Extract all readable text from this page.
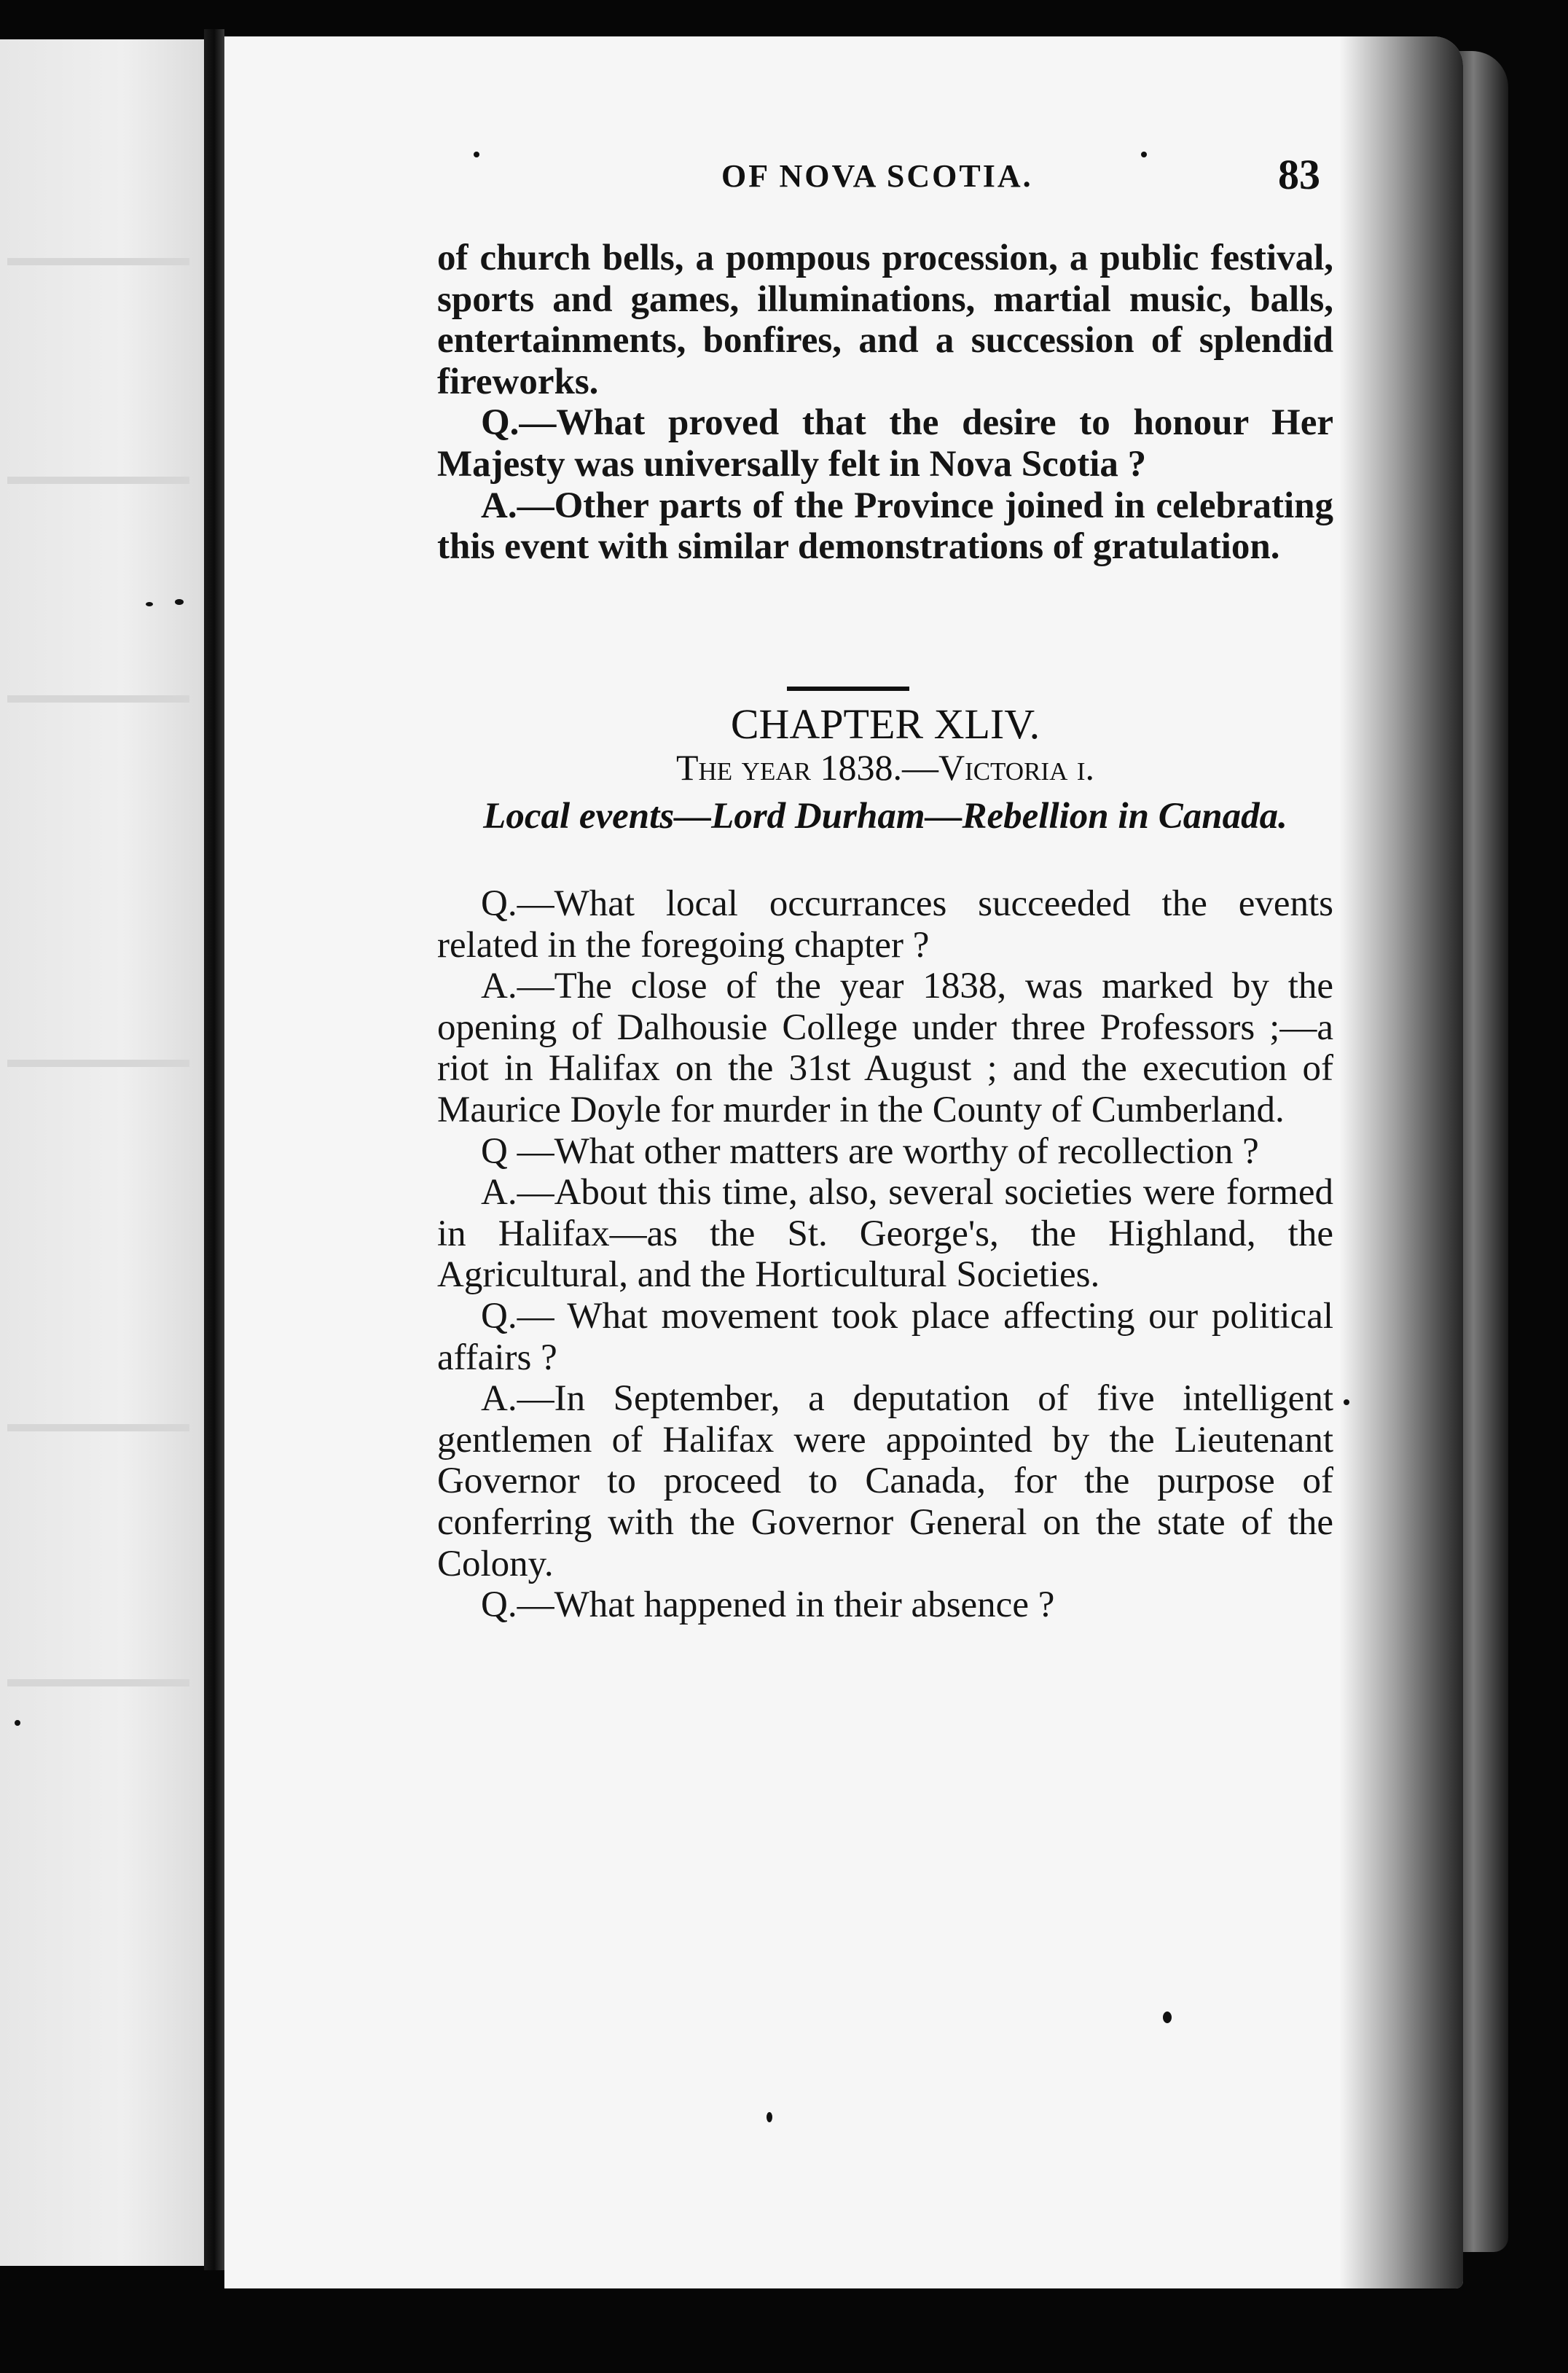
OF NOVA SCOTIA.	83

of church bells, a pompous procession, a public festival, sports and games, illuminations, martial music, balls, entertainments, bonfires, and a succession of splendid fireworks.

Q.—What proved that the desire to honour Her Majesty was universally felt in Nova Scotia ?

A.—Other parts of the Province joined in celebrating this event with similar demonstrations of gratulation.

CHAPTER XLIV.
The year 1838.—Victoria i.
Local events—Lord Durham—Rebellion in Canada.

Q.—What local occurrances succeeded the events related in the foregoing chapter ?

A.—The close of the year 1838, was marked by the opening of Dalhousie College under three Professors ;—a riot in Halifax on the 31st August ; and the execution of Maurice Doyle for murder in the County of Cumberland.

Q —What other matters are worthy of recollection ?

A.—About this time, also, several societies were formed in Halifax—as the St. George's, the Highland, the Agricultural, and the Horticultural Societies.

Q.— What movement took place affecting our political affairs ?

A.—In September, a deputation of five intelligent gentlemen of Halifax were appointed by the Lieutenant Governor to proceed to Canada, for the purpose of conferring with the Governor General on the state of the Colony.

Q.—What happened in their absence ?
